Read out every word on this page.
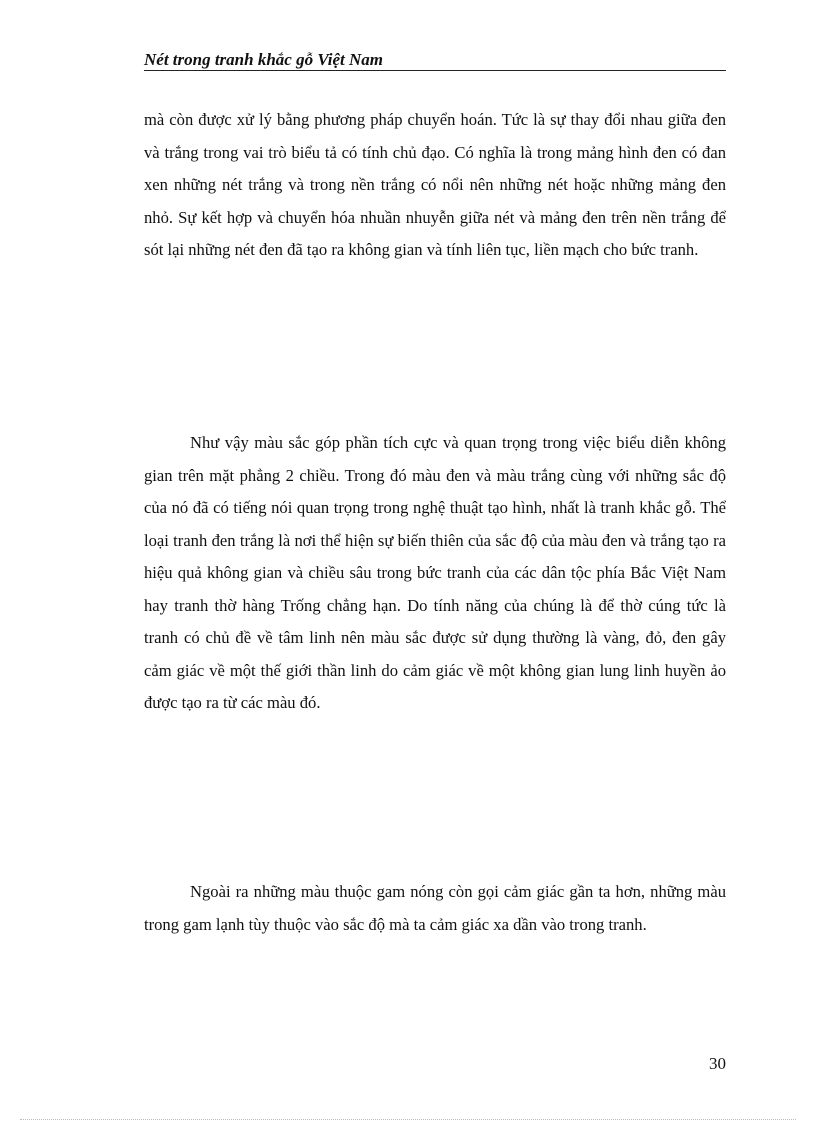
Nét trong tranh khắc gỗ Việt Nam

mà còn được xử lý bằng phương pháp chuyển hoán. Tức là sự thay đổi nhau giữa đen và trắng trong vai trò biểu tả có tính chủ đạo. Có nghĩa là trong mảng hình đen có đan xen những nét trắng và trong nền trắng có nổi nên những nét hoặc những mảng đen nhỏ. Sự kết hợp và chuyển hóa nhuần nhuyễn giữa nét và mảng đen trên nền trắng để sót lại những nét đen đã tạo ra không gian và tính liên tục, liền mạch cho bức tranh.

Như vậy màu sắc góp phần tích cực và quan trọng trong việc biểu diễn không gian trên mặt phẳng 2 chiều. Trong đó màu đen và màu trắng cùng với những sắc độ của nó đã có tiếng nói quan trọng trong nghệ thuật tạo hình, nhất là tranh khắc gỗ. Thể loại tranh đen trắng là nơi thể hiện sự biến thiên của sắc độ của màu đen và trắng tạo ra hiệu quả không gian và chiều sâu trong bức tranh của các dân tộc phía Bắc Việt Nam hay tranh thờ hàng Trống chẳng hạn. Do tính năng của chúng là để thờ cúng tức là tranh có chủ đề về tâm linh nên màu sắc được sử dụng thường là vàng, đỏ, đen gây cảm giác về một thế giới thần linh do cảm giác về một không gian lung linh huyền ảo được tạo ra từ các màu đó.

Ngoài ra những màu thuộc gam nóng còn gọi cảm giác gần ta hơn, những màu trong gam lạnh tùy thuộc vào sắc độ mà ta cảm giác xa dần vào trong tranh.

30
